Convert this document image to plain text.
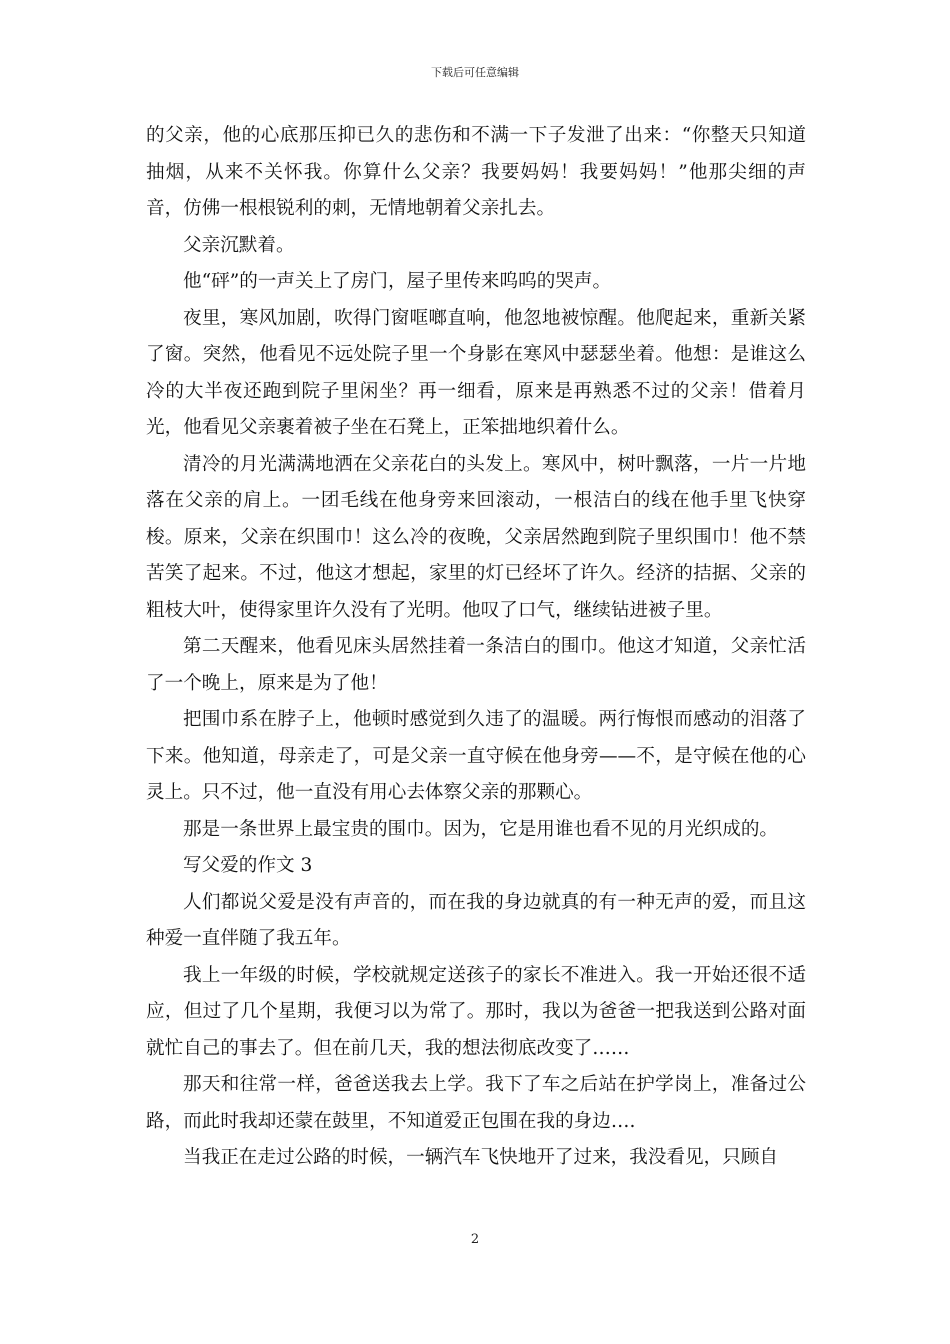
下载后可任意编辑

的父亲，他的心底那压抑已久的悲伤和不满一下子发泄了出来：“你整天只知道抽烟，从来不关怀我。你算什么父亲？我要妈妈！我要妈妈！”他那尖细的声音，仿佛一根根锐利的刺，无情地朝着父亲扎去。

父亲沉默着。

他“砰”的一声关上了房门，屋子里传来呜呜的哭声。

夜里，寒风加剧，吹得门窗哐啷直响，他忽地被惊醒。他爬起来，重新关紧了窗。突然，他看见不远处院子里一个身影在寒风中瑟瑟坐着。他想：是谁这么冷的大半夜还跑到院子里闲坐？再一细看，原来是再熟悉不过的父亲！借着月光，他看见父亲裹着被子坐在石凳上，正笨拙地织着什么。

清冷的月光满满地洒在父亲花白的头发上。寒风中，树叶飘落，一片一片地落在父亲的肩上。一团毛线在他身旁来回滚动，一根洁白的线在他手里飞快穿梭。原来，父亲在织围巾！这么冷的夜晚，父亲居然跑到院子里织围巾！他不禁苦笑了起来。不过，他这才想起，家里的灯已经坏了许久。经济的拮据、父亲的粗枝大叶，使得家里许久没有了光明。他叹了口气，继续钻进被子里。

第二天醒来，他看见床头居然挂着一条洁白的围巾。他这才知道，父亲忙活了一个晚上，原来是为了他！

把围巾系在脖子上，他顿时感觉到久违了的温暖。两行悔恨而感动的泪落了下来。他知道，母亲走了，可是父亲一直守候在他身旁——不，是守候在他的心灵上。只不过，他一直没有用心去体察父亲的那颗心。

那是一条世界上最宝贵的围巾。因为，它是用谁也看不见的月光织成的。

写父爱的作文 3

人们都说父爱是没有声音的，而在我的身边就真的有一种无声的爱，而且这种爱一直伴随了我五年。

我上一年级的时候，学校就规定送孩子的家长不准进入。我一开始还很不适应，但过了几个星期，我便习以为常了。那时，我以为爸爸一把我送到公路对面就忙自己的事去了。但在前几天，我的想法彻底改变了……

那天和往常一样，爸爸送我去上学。我下了车之后站在护学岗上，准备过公路，而此时我却还蒙在鼓里，不知道爱正包围在我的身边….

当我正在走过公路的时候，一辆汽车飞快地开了过来，我没看见，只顾自

2
